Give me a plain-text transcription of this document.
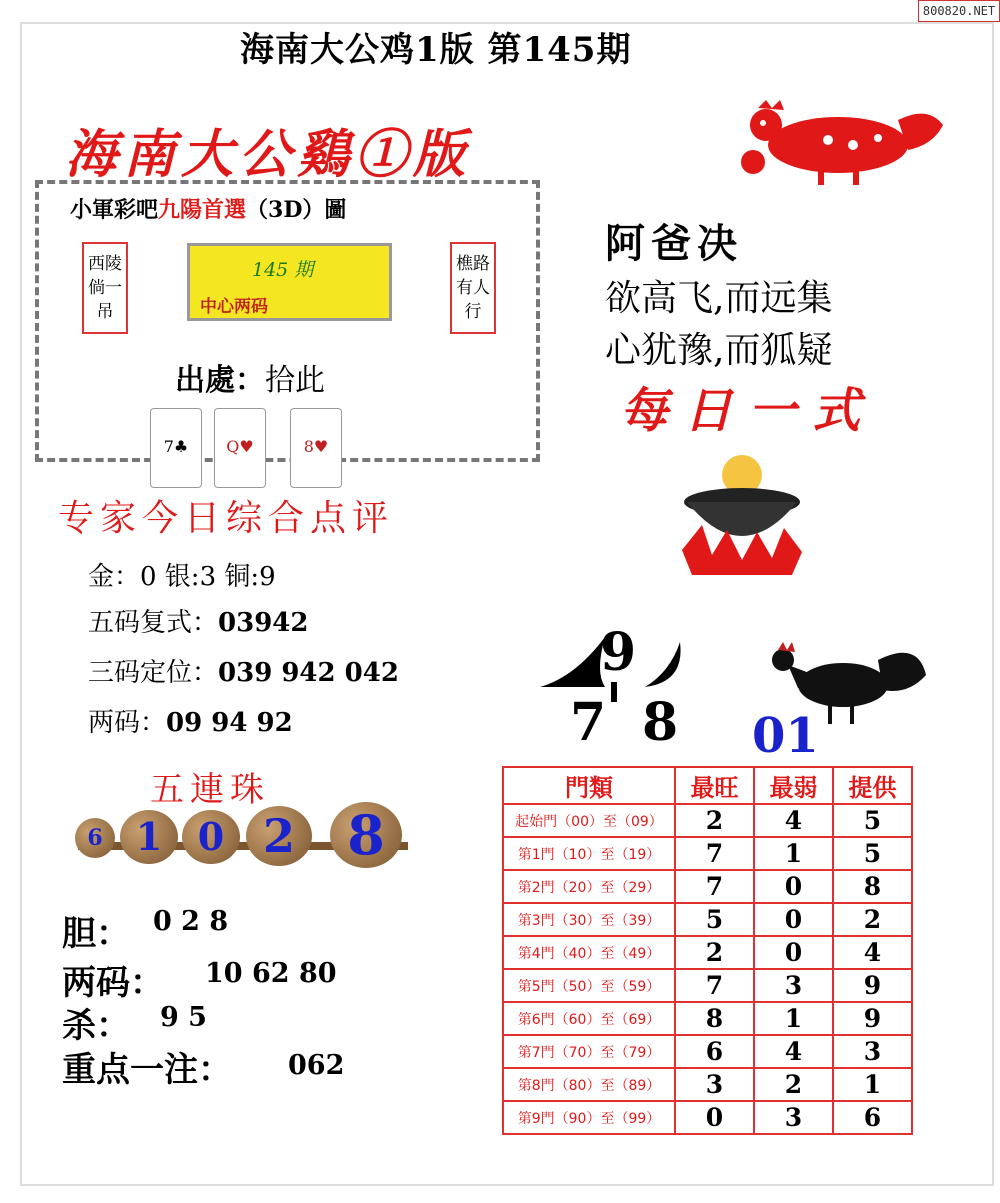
800820.NET
海南大公鸡1版 第145期
海南大公鷄①版
小軍彩吧九陽首選（3D）圖
西陵倘一吊
樵路有人行
145 期
中心两码
出處：拾此
7♣	Q♥	8♥
阿爸决
欲高飞,而远集
心犹豫,而狐疑
每日一式
专家今日综合点评
金：0 银:3 铜:9
五码复式：03942
三码定位：039 942 042
两码：09 94 92
9
7 8 01
五連珠
6 1 0 2 8
胆： 0 2 8
两码： 10 62 80
杀： 9 5
重点一注： 062
門類	最旺	最弱	提供
起始門（00）至（09）	2	4	5
第1門（10）至（19）	7	1	5
第2門（20）至（29）	7	0	8
第3門（30）至（39）	5	0	2
第4門（40）至（49）	2	0	4
第5門（50）至（59）	7	3	9
第6門（60）至（69）	8	1	9
第7門（70）至（79）	6	4	3
第8門（80）至（89）	3	2	1
第9門（90）至（99）	0	3	6
